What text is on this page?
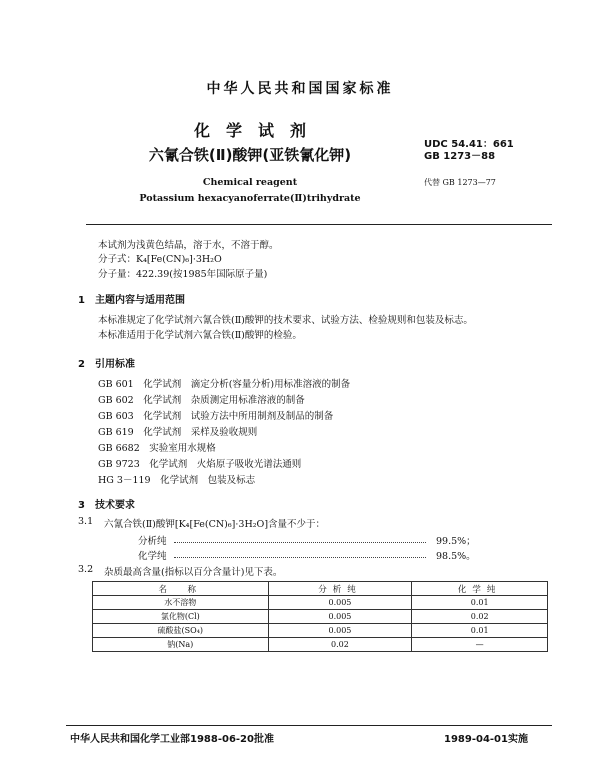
中华人民共和国国家标准
化　学　试　剂
六氰合铁(Ⅱ)酸钾(亚铁氰化钾)
Chemical reagent
Potassium hexacyanoferrate(Ⅱ)trihydrate
UDC 54.41：661
GB 1273－88
代替 GB 1273—77
本试剂为浅黄色结晶，溶于水，不溶于醇。
分子式：K₄[Fe(CN)₆]·3H₂O
分子量：422.39(按1985年国际原子量)
1　主题内容与适用范围
本标准规定了化学试剂六氰合铁(Ⅱ)酸钾的技术要求、试验方法、检验规则和包装及标志。
本标准适用于化学试剂六氰合铁(Ⅱ)酸钾的检验。
2　引用标准
GB 601　化学试剂　滴定分析(容量分析)用标准溶液的制备
GB 602　化学试剂　杂质测定用标准溶液的制备
GB 603　化学试剂　试验方法中所用制剂及制品的制备
GB 619　化学试剂　采样及验收规则
GB 6682　实验室用水规格
GB 9723　化学试剂　火焰原子吸收光谱法通则
HG 3－119　化学试剂　包装及标志
3　技术要求
3.1 六氰合铁(Ⅱ)酸钾[K₄[Fe(CN)₆]·3H₂O]含量不少于：
分析纯	99.5%；
化学纯	98.5%。
3.2 杂质最高含量(指标以百分含量计)见下表。
名　称	分析纯	化学纯
水不溶物	0.005	0.01
氯化物(Cl)	0.005	0.02
硫酸盐(SO₄)	0.005	0.01
钠(Na)	0.02	—
中华人民共和国化学工业部1988-06-20批准	1989-04-01实施
